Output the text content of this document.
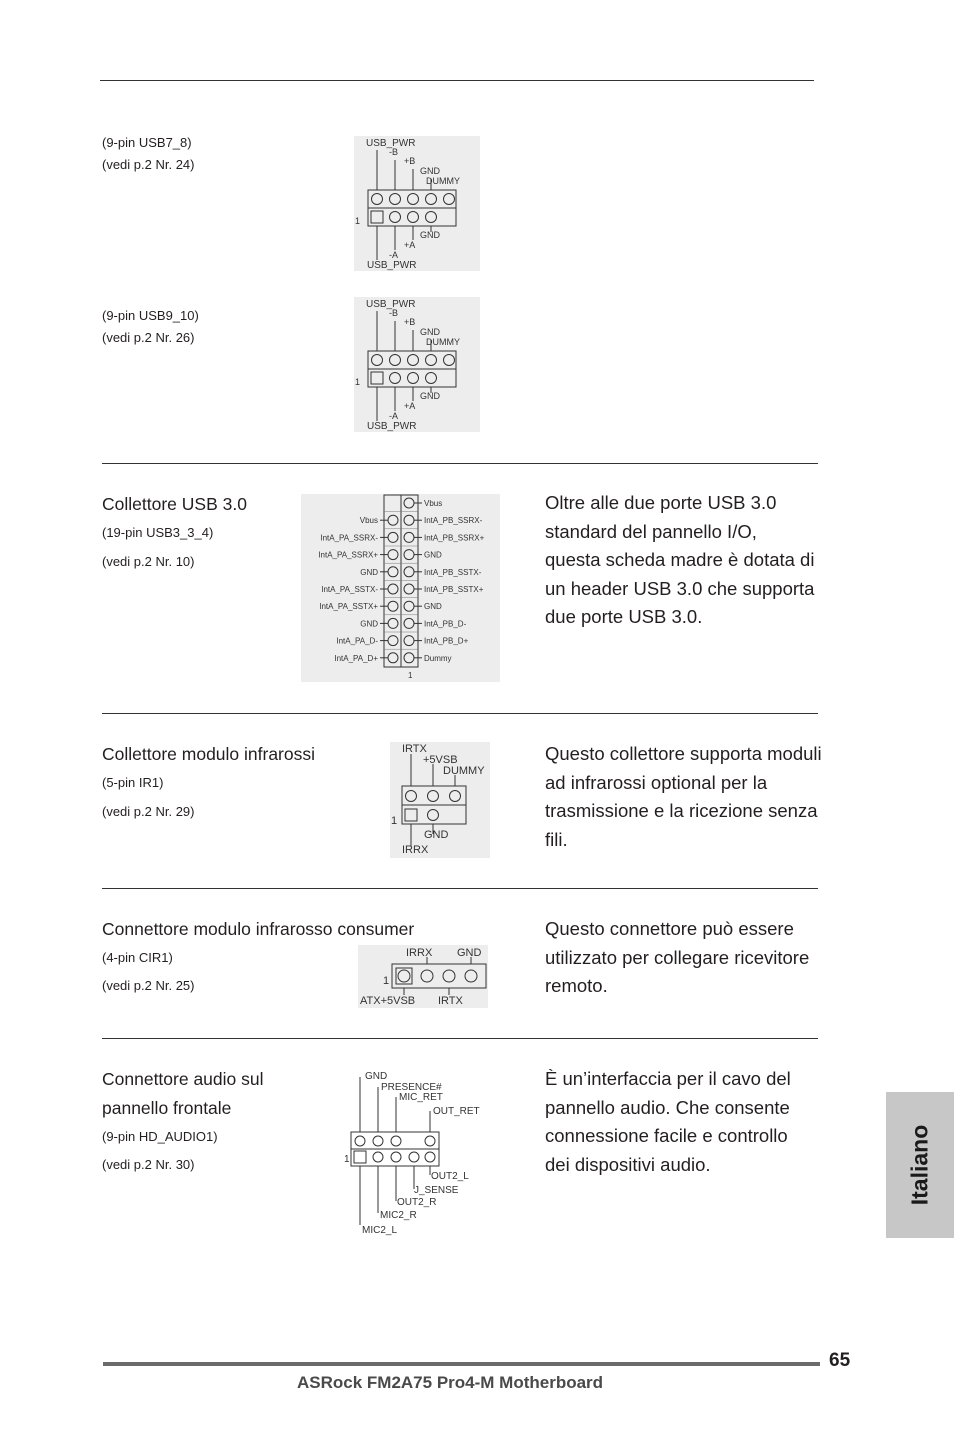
(9-pin USB7_8)
(vedi p.2 Nr. 24)
USB_PWR
-B
+B
GND
DUMMY
1
GND
+A
-A
USB_PWR
(9-pin USB9_10)
(vedi p.2 Nr. 26)
USB_PWR
-B
+B
GND
DUMMY
1
GND
+A
-A
USB_PWR
Collettore USB 3.0
(19-pin USB3_3_4)
(vedi p.2 Nr. 10)
Vbus
IntA_PB_SSRX-
Vbus
IntA_PB_SSRX+
IntA_PA_SSRX-
GND
IntA_PA_SSRX+
IntA_PB_SSTX-
GND
IntA_PB_SSTX+
IntA_PA_SSTX-
GND
IntA_PA_SSTX+
IntA_PB_D-
GND
IntA_PB_D+
IntA_PA_D-
Dummy
IntA_PA_D+
1
Oltre alle due porte USB 3.0 standard del pannello I/O, questa scheda madre è dotata di un header USB 3.0 che supporta due porte USB 3.0.
Collettore modulo infrarossi
(5-pin IR1)
(vedi p.2 Nr. 29)
IRTX
+5VSB
DUMMY
1
GND
IRRX
Questo collettore supporta moduli ad infrarossi optional per la trasmissione e la ricezione senza fili.
Connettore modulo infrarosso consumer
(4-pin CIR1)
(vedi p.2 Nr. 25)
IRRX GND
1
ATX+5VSB IRTX
Questo connettore può essere utilizzato per collegare ricevitore remoto.
Connettore audio sul
pannello frontale
(9-pin HD_AUDIO1)
(vedi p.2 Nr. 30)
GND
PRESENCE#
MIC_RET
OUT_RET
1
OUT2_L
J_SENSE
OUT2_R
MIC2_R
MIC2_L
È un’interfaccia per il cavo del pannello audio. Che consente connessione facile e controllo dei dispositivi audio.	Italiano
65
ASRock FM2A75 Pro4-M Motherboard
